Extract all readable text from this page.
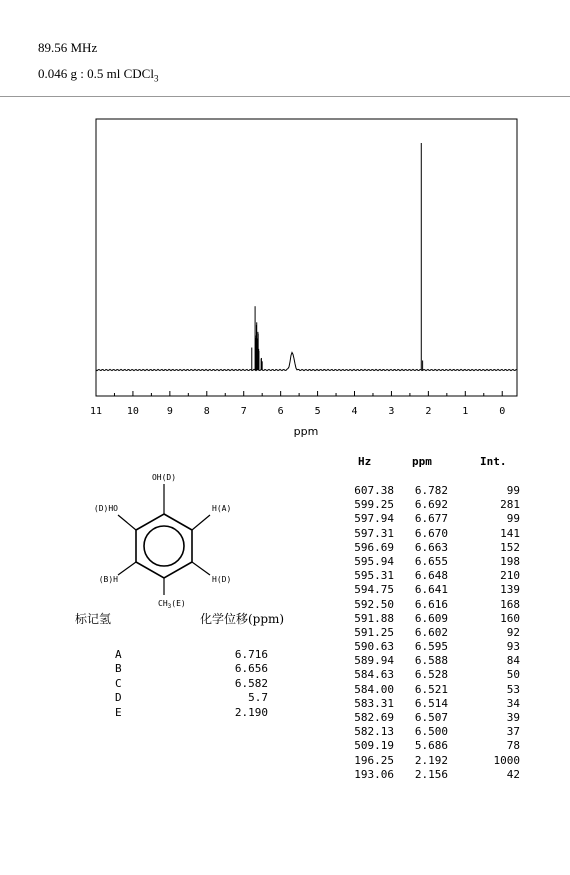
89.56 MHz
0.046 g : 0.5 ml CDCl$_3$
11 10	9	8	7	6	5	4	3	2	1	0
ppm
OH(D)
(D)HO	H(A)
(B)H	H(D)
$CH_3(E)$
Hz	ppm	Int.
607.38 6.782	99
599.25 6.692	281
597.94 6.677	99
597.31 6.670	141
596.69 6.663	152
595.94 6.655	198
595.31 6.648	210
594.75 6.641	139
592.50 6.616	168
591.88 6.609	160
591.25 6.602	92
590.63 6.595	93
589.94 6.588	84
584.63 6.528	50
584.00 6.521	53
583.31 6.514	34
582.69 6.507	39
582.13 6.500	37
509.19 5.686	78
196.25 2.192	1000
193.06 2.156	42
标记氢	化学位移(ppm)
A	6.716
B	6.656
C	6.582
D	5.7
E	2.190
